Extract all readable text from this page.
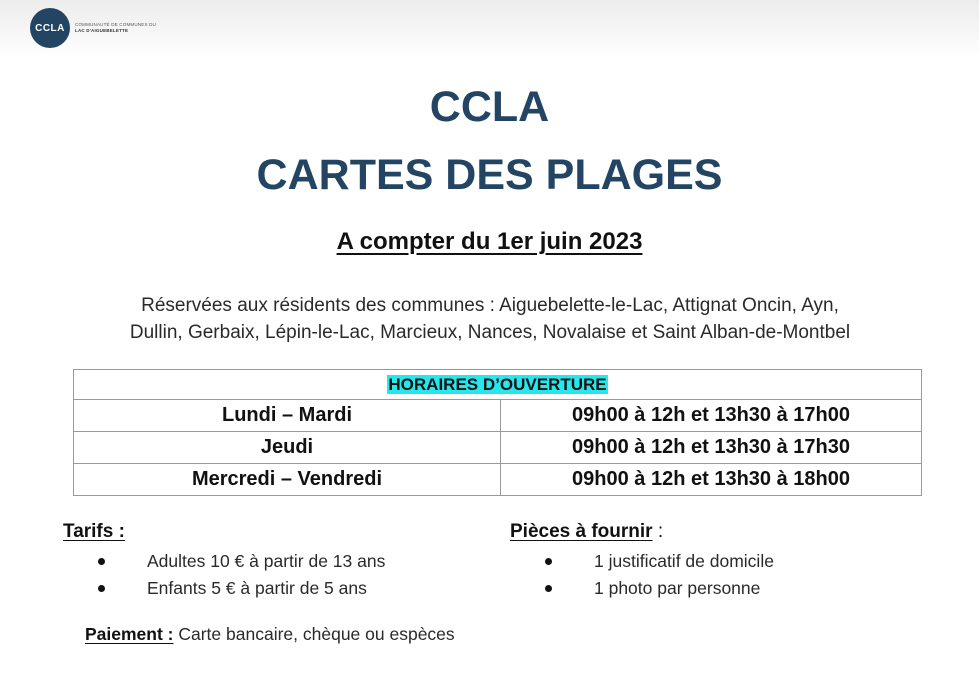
CCLA	COMMUNAUTÉ DE COMMUNES DU
LAC D'AIGUEBELETTE
CCLA
CARTES DES PLAGES
A compter du 1er juin 2023
Réservées aux résidents des communes : Aiguebelette-le-Lac, Attignat Oncin, Ayn,
Dullin, Gerbaix, Lépin-le-Lac, Marcieux, Nances, Novalaise et Saint Alban-de-Montbel
HORAIRES D’OUVERTURE	
Lundi – Mardi	09h00 à 12h et 13h30 à 17h00
Jeudi	09h00 à 12h et 13h30 à 17h30
Mercredi – Vendredi	09h00 à 12h et 13h30 à 18h00
Tarifs :
Adultes 10 € à partir de 13 ans
Enfants 5 € à partir de 5 ans
Pièces à fournir :
1 justificatif de domicile
1 photo par personne
Paiement : Carte bancaire, chèque ou espèces
